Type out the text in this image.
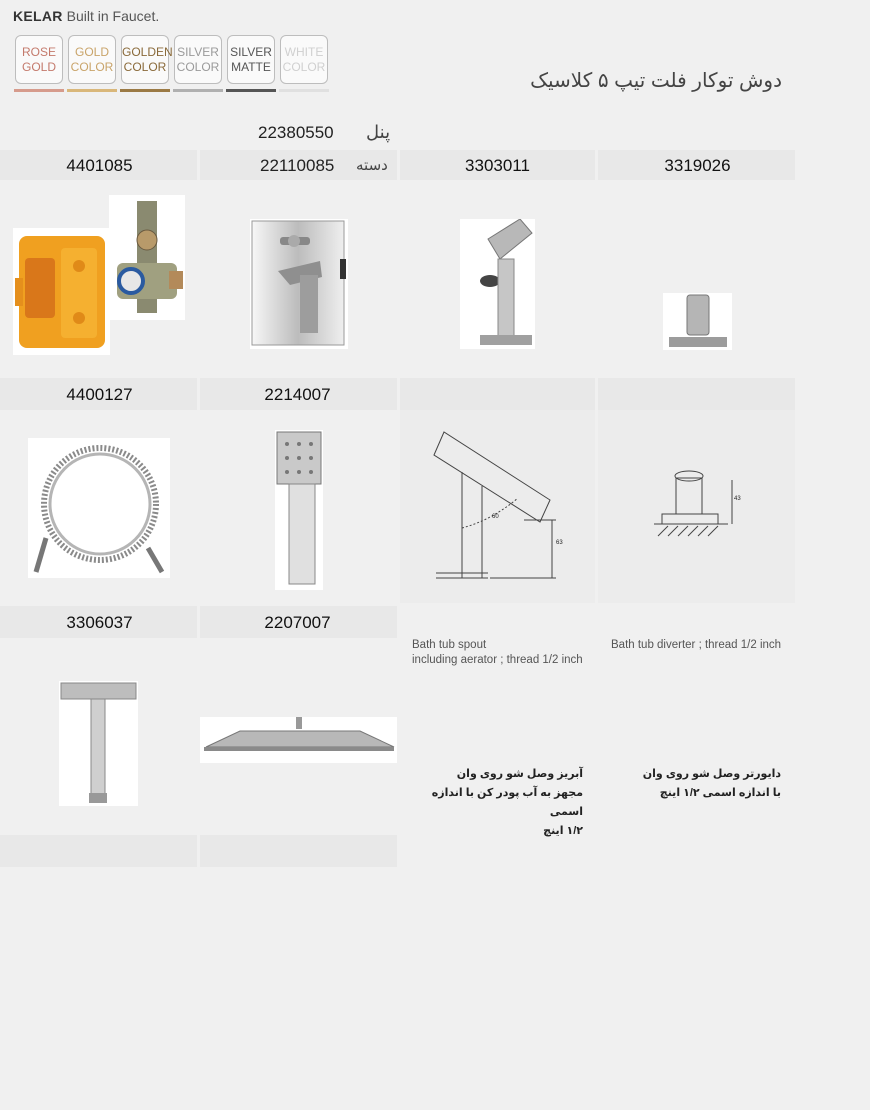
KELAR Built in Faucet.
ROSE
GOLD
GOLD
COLOR
GOLDEN
COLOR
SILVER
COLOR
SILVER
MATTE
WHITE
COLOR
دوش توکار فلت تیپ ۵ کلاسیک
22380550 پنل
4401085	22110085 دسته	3303011	3319026
4400127	2214007
60
63
43
3306037	2207007
Bath tub spout
including aerator ; thread 1/2 inch
Bath tub diverter ; thread 1/2 inch
آبریز وصل شو روی وان
مجهز به آب پودر کن با اندازه اسمی
۱/۲ اینچ
دایورتر وصل شو روی وان
با اندازه اسمی ۱/۲ اینچ
